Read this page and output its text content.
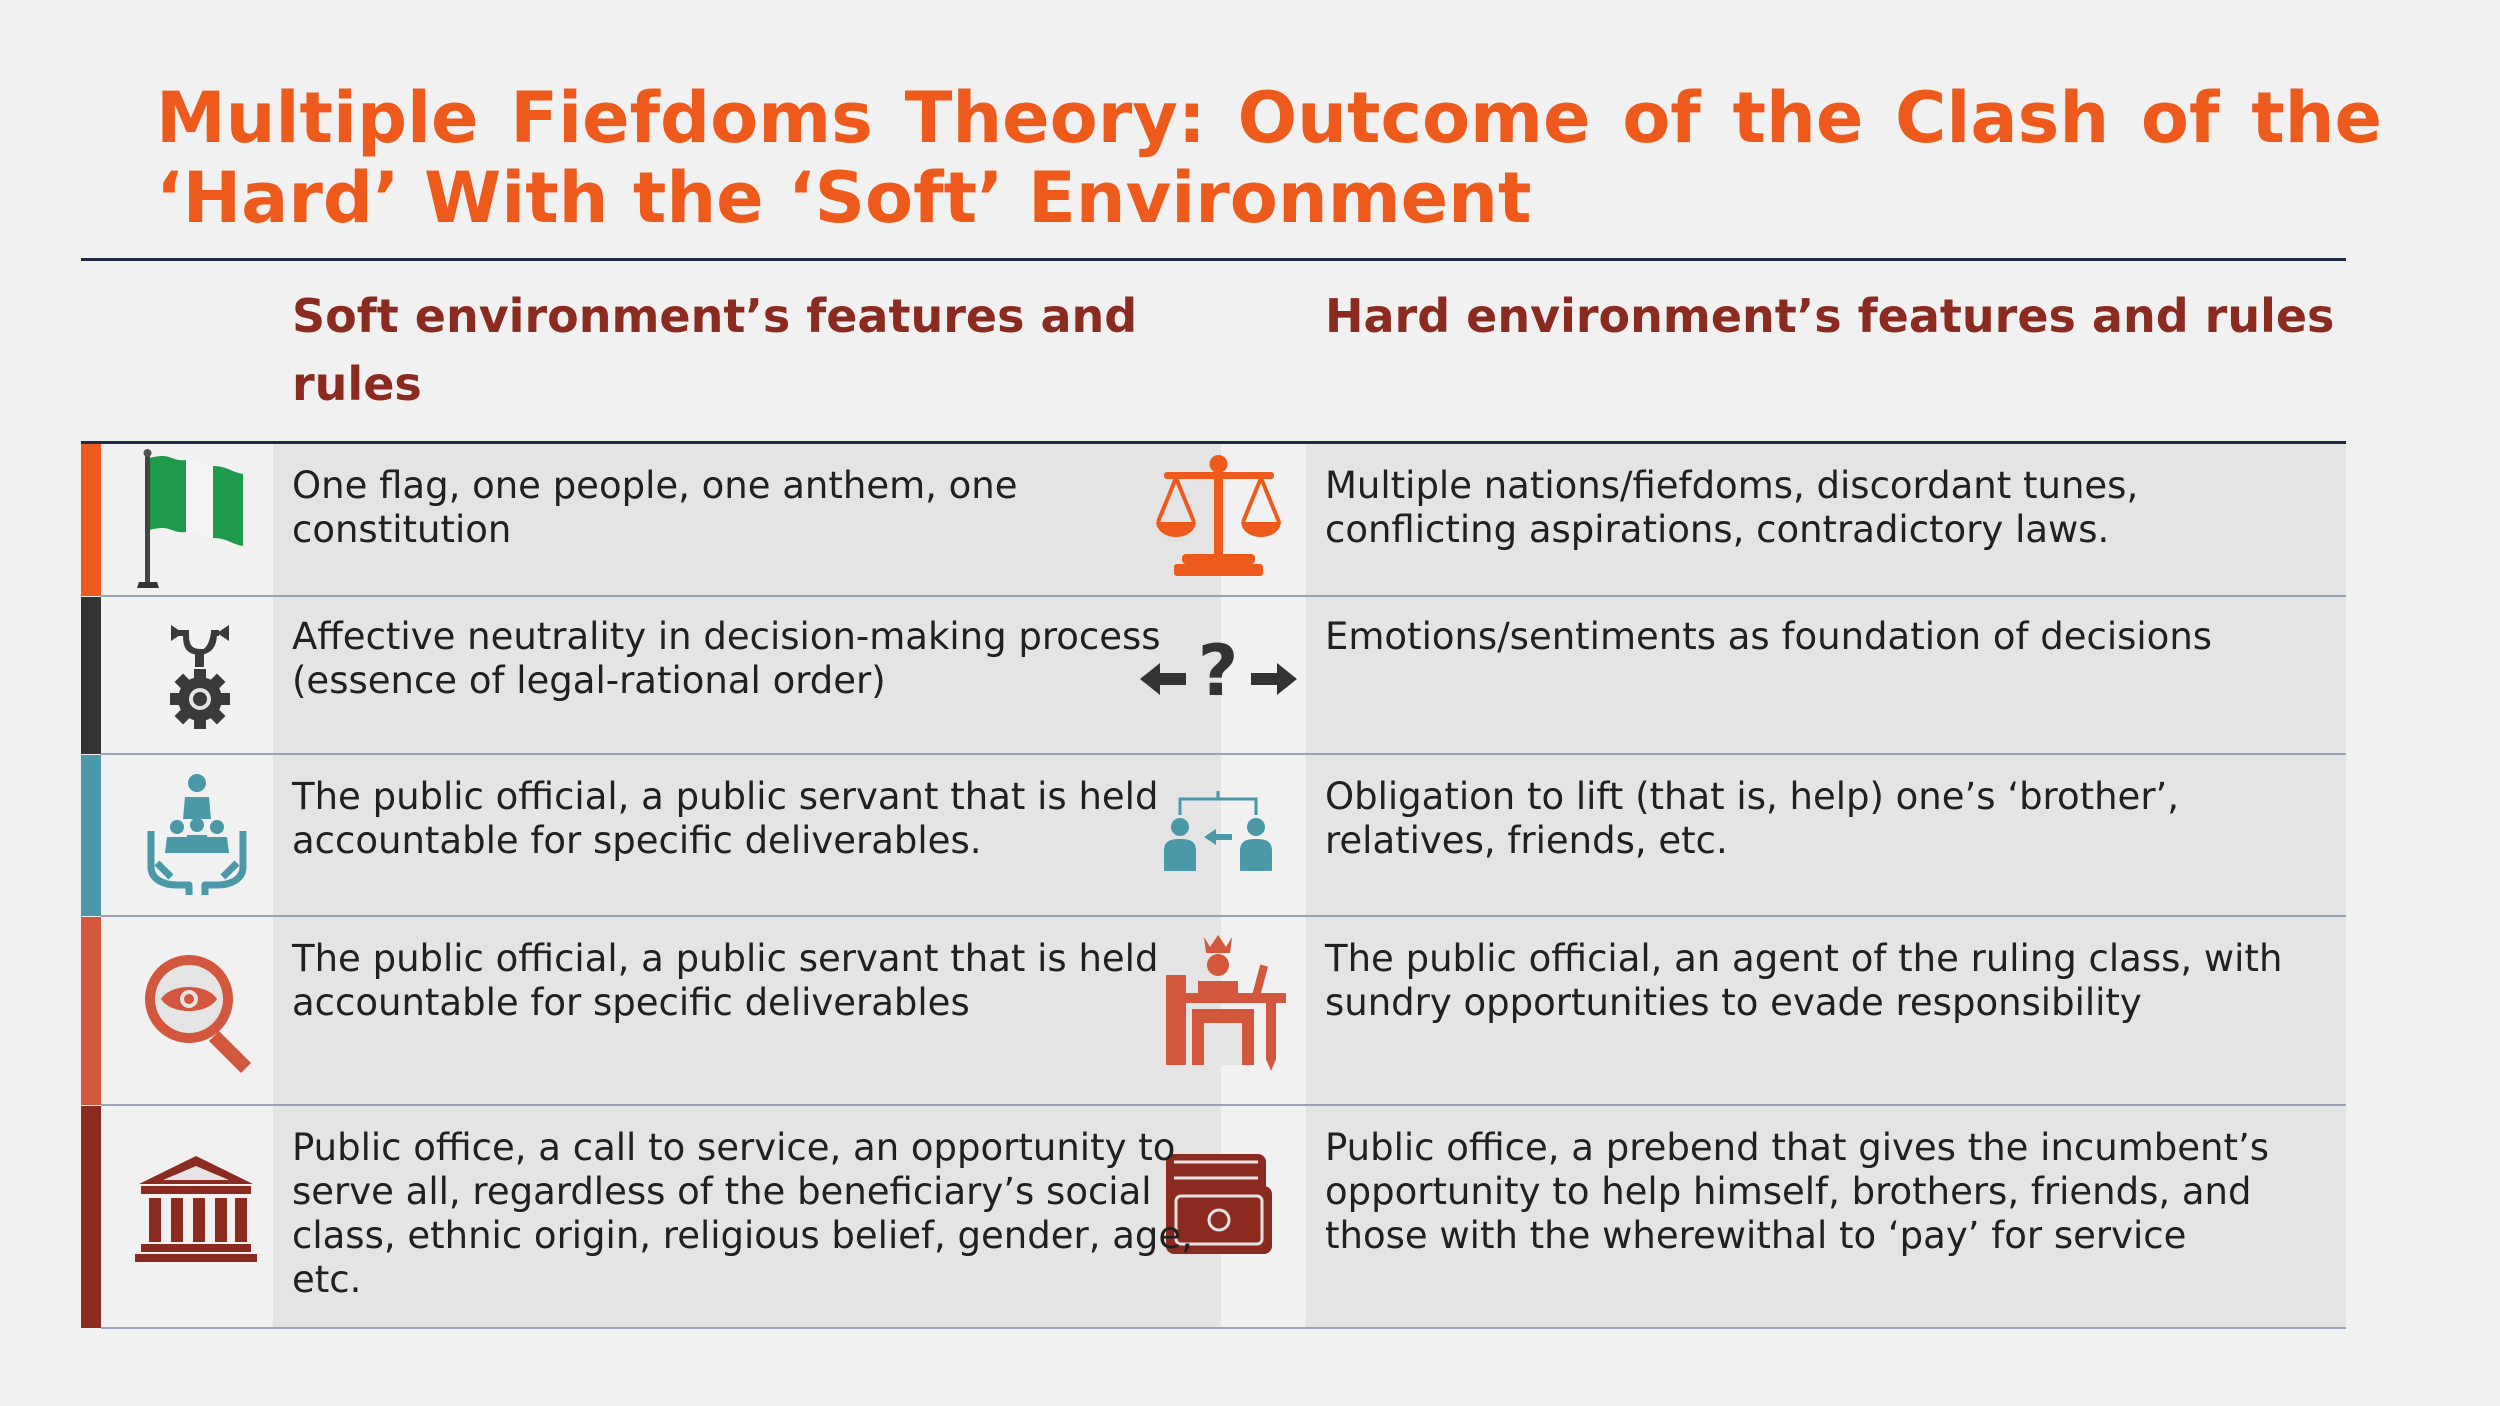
Multiple Fiefdoms Theory: Outcome of the Clash of the
‘Hard’ With the ‘Soft’ Environment
Soft environment’s features and rules
Hard environment’s features and rules

One flag, one people, one anthem, one constitution

Multiple nations/fiefdoms, discordant tunes, conflicting aspirations, contradictory laws.

?

Affective neutrality in decision-making process (essence of legal-rational order)

Emotions/sentiments as foundation of decisions

The public official, a public servant that is held accountable for specific deliverables.

Obligation to lift (that is, help) one’s ‘brother’, relatives, friends, etc.

The public official, a public servant that is held accountable for specific deliverables

The public official, an agent of the ruling class, with sundry opportunities to evade responsibility

Public office, a call to service, an opportunity to serve all, regardless of the beneficiary’s social class, ethnic origin, religious belief, gender, age, etc.

Public office, a prebend that gives the incumbent’s opportunity to help himself, brothers, friends, and those with the wherewithal to ‘pay’ for service
